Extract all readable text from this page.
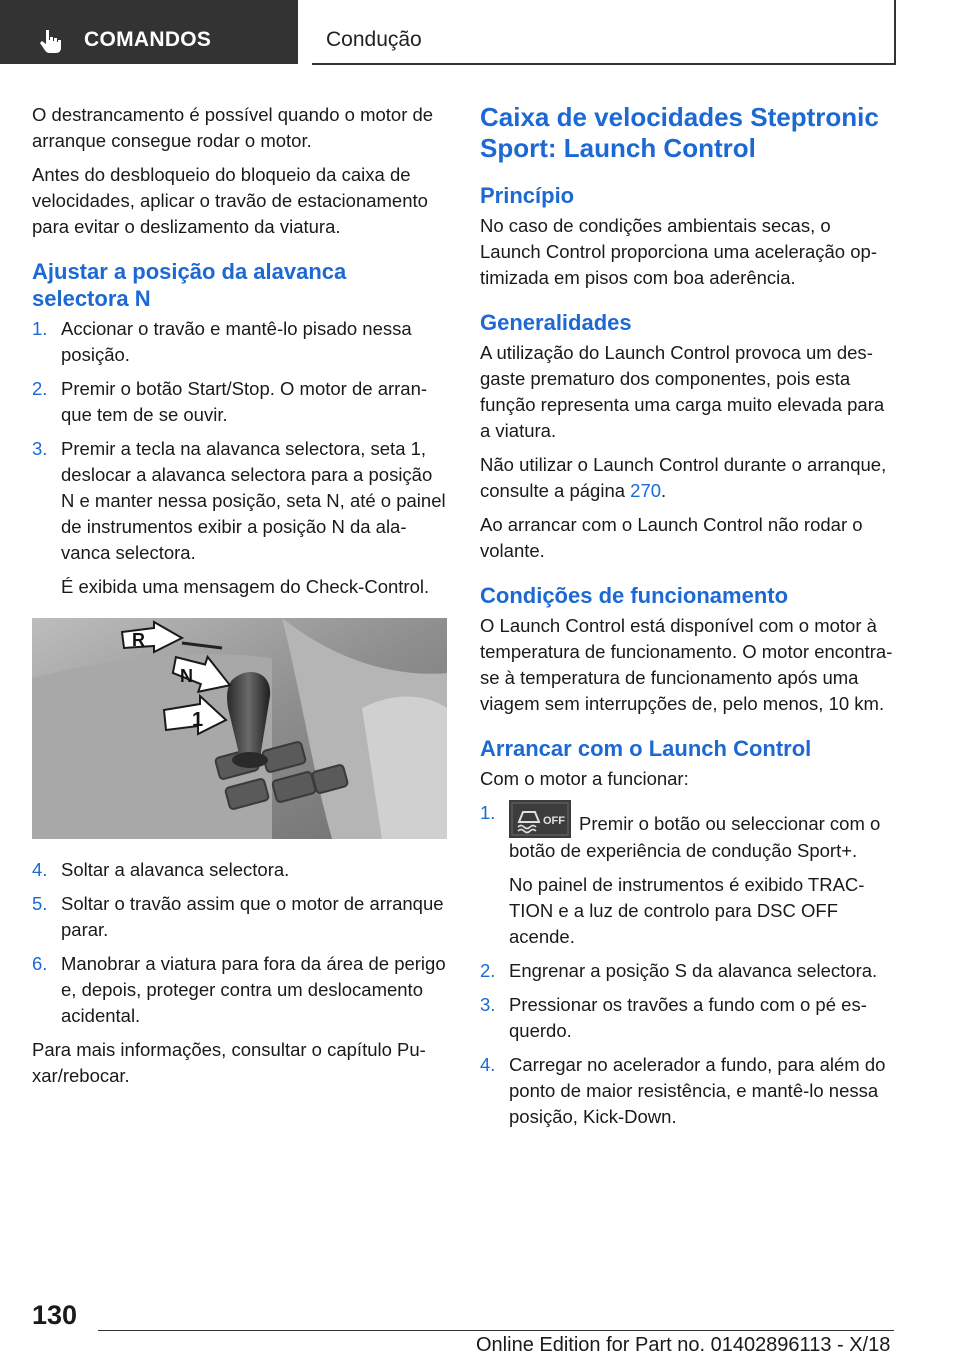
COMANDOS	Condução

O destrancamento é possível quando o motor de arranque consegue rodar o motor.

Antes do desbloqueio do bloqueio da caixa de velocidades, aplicar o travão de estacionamento para evitar o deslizamento da viatura.

Ajustar a posição da alavanca selectora N
1. Accionar o travão e mantê-lo pisado nessa posição.
2. Premir o botão Start/Stop. O motor de arranque tem de se ouvir.
3. Premir a tecla na alavanca selectora, seta 1, deslocar a alavanca selectora para a posição N e manter nessa posição, seta N, até o painel de instrumentos exibir a posição N da alavanca selectora.
É exibida uma mensagem do Check-Control.
R
N
1
4. Soltar a alavanca selectora.
5. Soltar o travão assim que o motor de arranque parar.
6. Manobrar a viatura para fora da área de perigo e, depois, proteger contra um deslocamento acidental.

Para mais informações, consultar o capítulo Puxar/rebocar.

Caixa de velocidades Steptronic Sport: Launch Control
Princípio

No caso de condições ambientais secas, o Launch Control proporciona uma aceleração optimizada em pisos com boa aderência.

Generalidades

A utilização do Launch Control provoca um desgaste prematuro dos componentes, pois esta função representa uma carga muito elevada para a viatura.

Não utilizar o Launch Control durante o arranque, consulte a página 270.

Ao arrancar com o Launch Control não rodar o volante.

Condições de funcionamento

O Launch Control está disponível com o motor à temperatura de funcionamento. O motor encontra-se à temperatura de funcionamento após uma viagem sem interrupções de, pelo menos, 10 km.

Arrancar com o Launch Control

Com o motor a funcionar:

1.	OFF Premir o botão ou seleccionar com o botão de experiência de condução Sport+.
No painel de instrumentos é exibido TRACTION e a luz de controlo para DSC OFF acende.
2. Engrenar a posição S da alavanca selectora.
3. Pressionar os travões a fundo com o pé esquerdo.
4. Carregar no acelerador a fundo, para além do ponto de maior resistência, e mantê-lo nessa posição, Kick-Down.
130
Online Edition for Part no. 01402896113 - X/18
